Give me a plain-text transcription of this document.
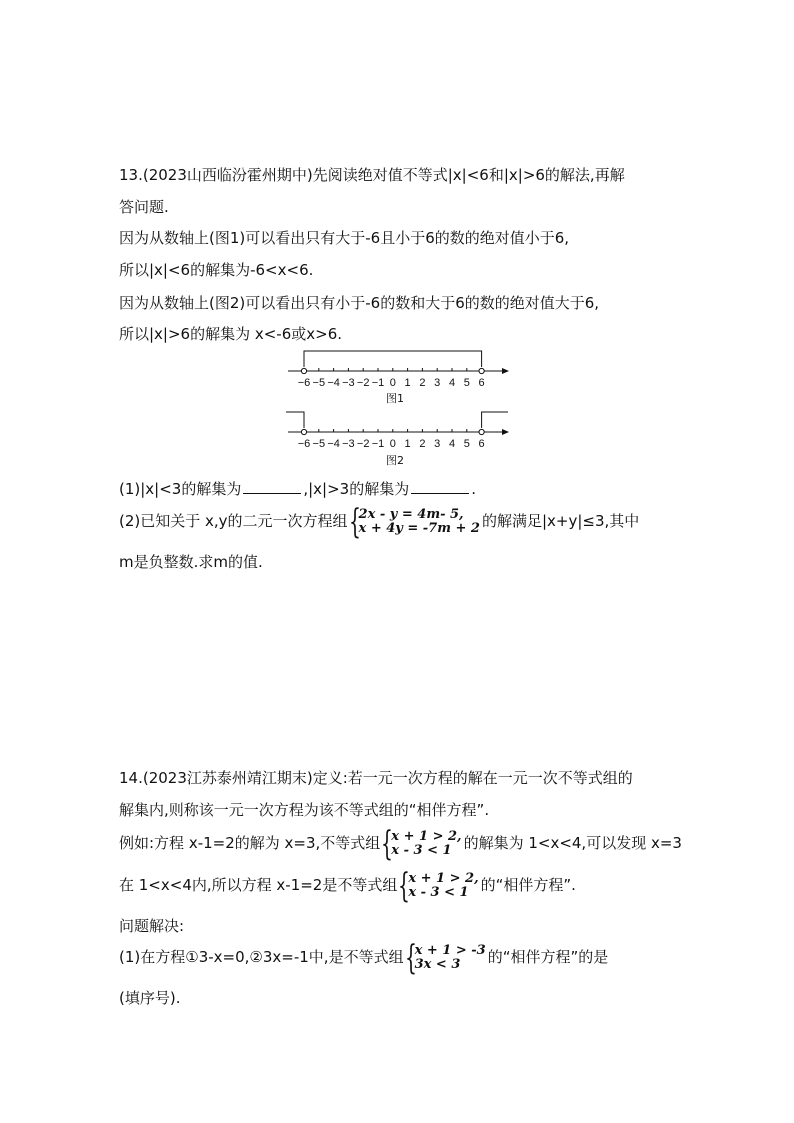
13.(2023山西临汾霍州期中)先阅读绝对值不等式|x|<6和|x|>6的解法,再解
答问题.
因为从数轴上(图1)可以看出只有大于-6且小于6的数的绝对值小于6,
所以|x|<6的解集为-6<x<6.
因为从数轴上(图2)可以看出只有小于-6的数和大于6的数的绝对值大于6,
所以|x|>6的解集为 x<-6或x>6.
−6 −5 −4 −3 −2 −1 0 1 2 3 4 5 6
图1
−6 −5 −4 −3 −2 −1 0 1 2 3 4 5 6
图2
(1)|x|<3的解集为	,|x|>3的解集为	.
(2)已知关于 x,y的二元一次方程组 {
2x - y = 4m- 5,
x + 4y = -7m + 2 的解满足|x+y|≤3,其中
m是负整数.求m的值.
14.(2023江苏泰州靖江期末)定义:若一元一次方程的解在一元一次不等式组的
解集内,则称该一元一次方程为该不等式组的“相伴方程”.
例如:方程 x-1=2的解为 x=3,不等式组 {
x + 1 > 2,
x - 3 < 1 的解集为 1<x<4,可以发现 x=3
在 1<x<4内,所以方程 x-1=2是不等式组 {
x + 1 > 2,
x - 3 < 1 的“相伴方程”.
问题解决:
(1)在方程①3-x=0,②3x=-1中,是不等式组 {
x + 1 > -3
3x < 3	的“相伴方程”的是
(填序号).
